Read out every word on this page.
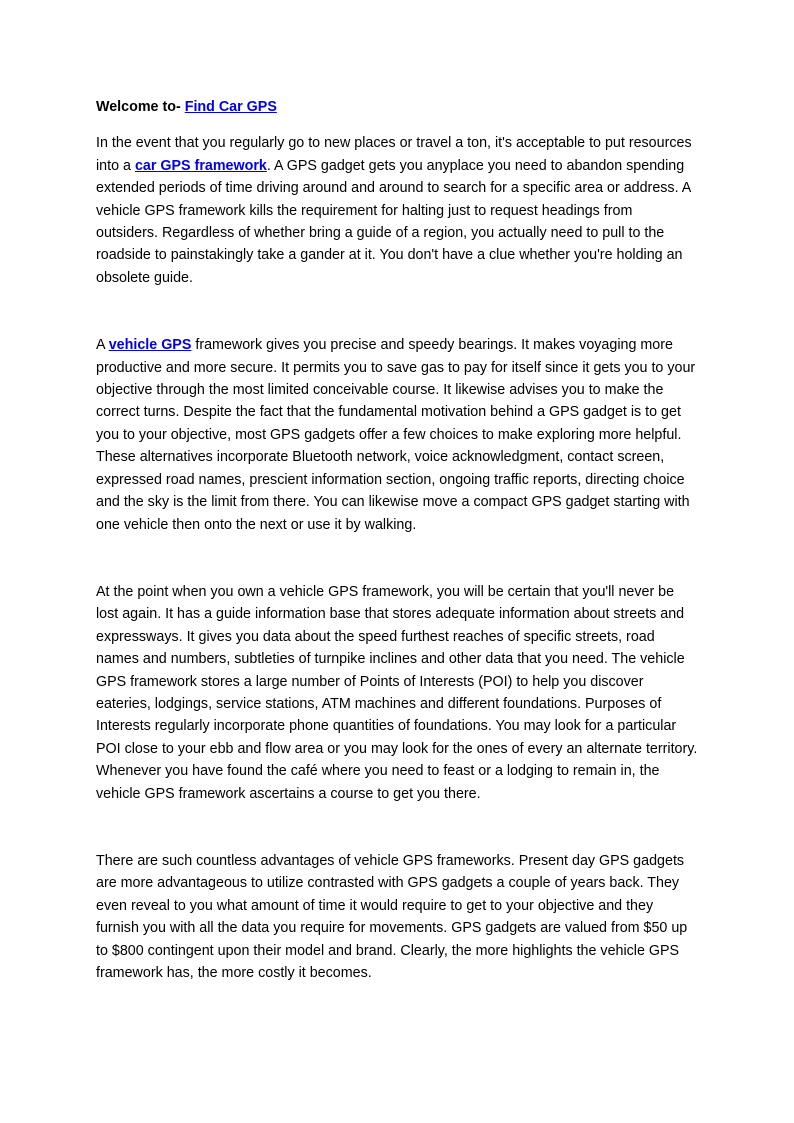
Welcome to- Find Car GPS

In the event that you regularly go to new places or travel a ton, it's acceptable to put resources into a car GPS framework. A GPS gadget gets you anyplace you need to abandon spending extended periods of time driving around and around to search for a specific area or address. A vehicle GPS framework kills the requirement for halting just to request headings from outsiders. Regardless of whether bring a guide of a region, you actually need to pull to the roadside to painstakingly take a gander at it. You don't have a clue whether you're holding an obsolete guide.

A vehicle GPS framework gives you precise and speedy bearings. It makes voyaging more productive and more secure. It permits you to save gas to pay for itself since it gets you to your objective through the most limited conceivable course. It likewise advises you to make the correct turns. Despite the fact that the fundamental motivation behind a GPS gadget is to get you to your objective, most GPS gadgets offer a few choices to make exploring more helpful. These alternatives incorporate Bluetooth network, voice acknowledgment, contact screen, expressed road names, prescient information section, ongoing traffic reports, directing choice and the sky is the limit from there. You can likewise move a compact GPS gadget starting with one vehicle then onto the next or use it by walking.

At the point when you own a vehicle GPS framework, you will be certain that you'll never be lost again. It has a guide information base that stores adequate information about streets and expressways. It gives you data about the speed furthest reaches of specific streets, road names and numbers, subtleties of turnpike inclines and other data that you need. The vehicle GPS framework stores a large number of Points of Interests (POI) to help you discover eateries, lodgings, service stations, ATM machines and different foundations. Purposes of Interests regularly incorporate phone quantities of foundations. You may look for a particular POI close to your ebb and flow area or you may look for the ones of every an alternate territory. Whenever you have found the café where you need to feast or a lodging to remain in, the vehicle GPS framework ascertains a course to get you there.

There are such countless advantages of vehicle GPS frameworks. Present day GPS gadgets are more advantageous to utilize contrasted with GPS gadgets a couple of years back. They even reveal to you what amount of time it would require to get to your objective and they furnish you with all the data you require for movements. GPS gadgets are valued from $50 up to $800 contingent upon their model and brand. Clearly, the more highlights the vehicle GPS framework has, the more costly it becomes.
